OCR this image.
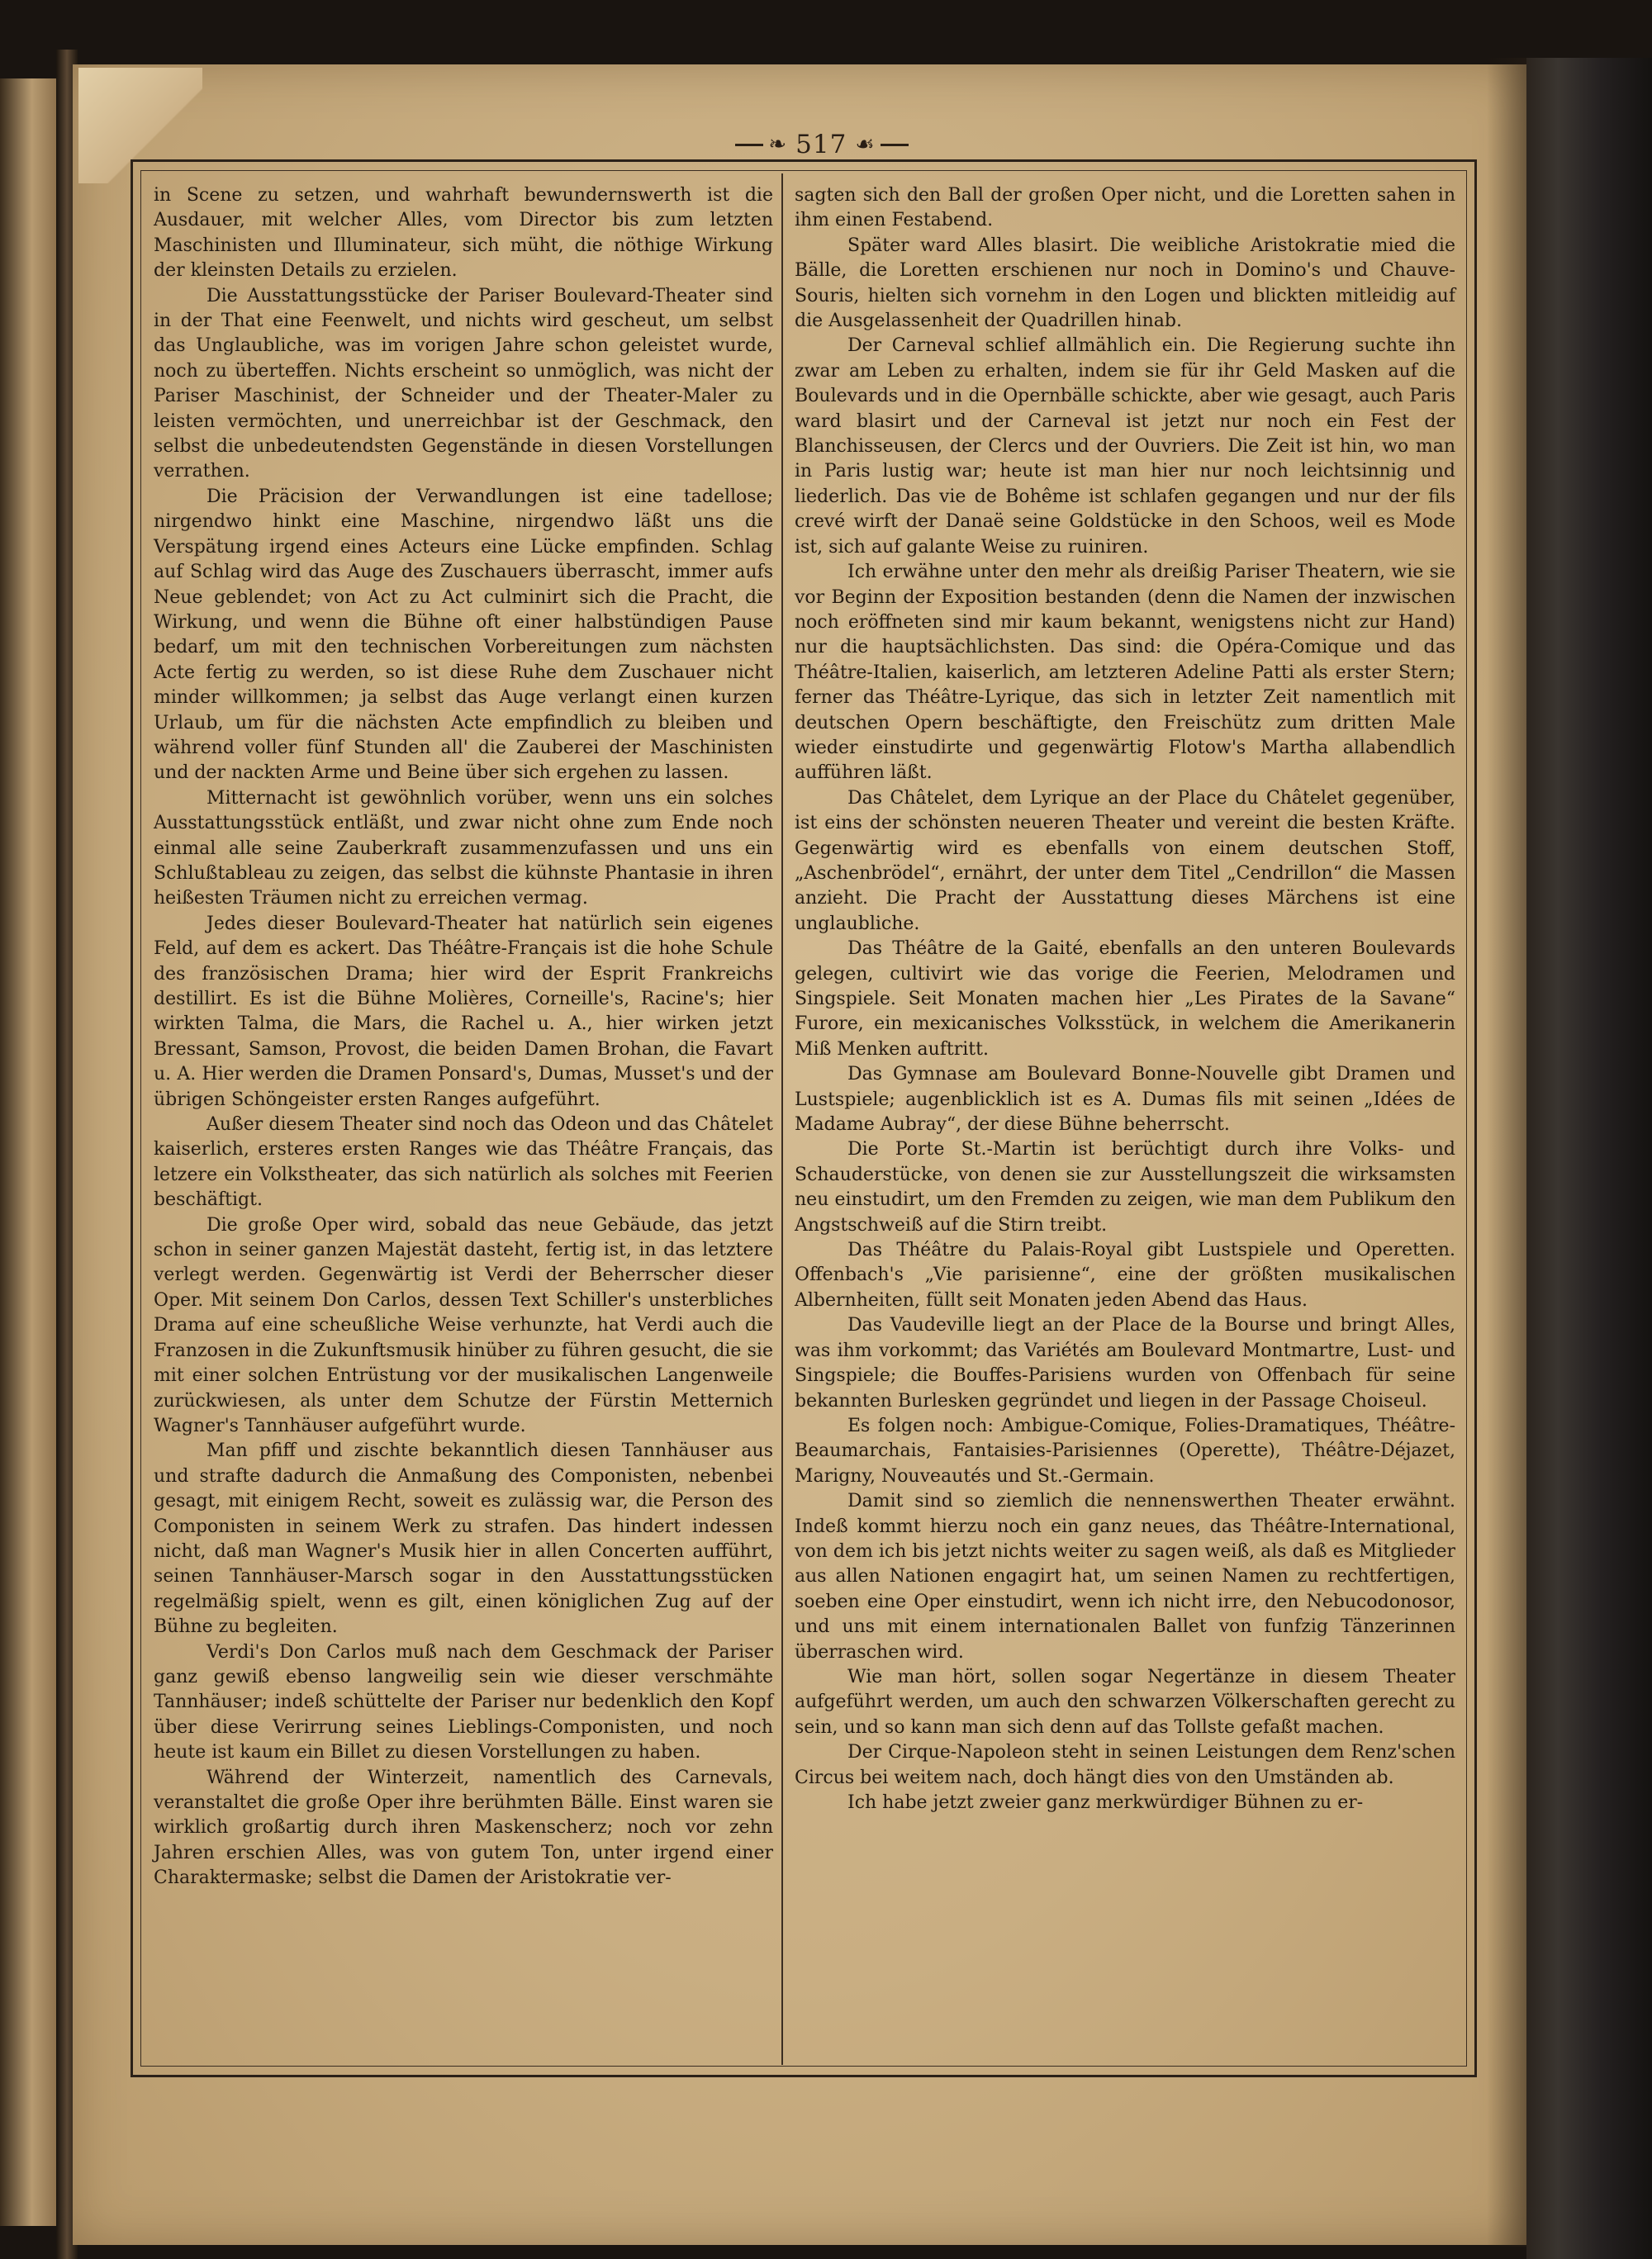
❧ 517 ☙

in Scene zu setzen, und wahrhaft bewundernswerth ist die Ausdauer, mit welcher Alles, vom Director bis zum letzten Maschinisten und Illuminateur, sich müht, die nöthige Wirkung der kleinsten Details zu erzielen.

Die Ausstattungsstücke der Pariser Boulevard-Theater sind in der That eine Feenwelt, und nichts wird gescheut, um selbst das Unglaubliche, was im vorigen Jahre schon geleistet wurde, noch zu überteffen. Nichts erscheint so unmöglich, was nicht der Pariser Maschinist, der Schneider und der Theater-Maler zu leisten vermöchten, und unerreichbar ist der Geschmack, den selbst die unbedeutendsten Gegenstände in diesen Vorstellungen verrathen.

Die Präcision der Verwandlungen ist eine tadellose; nirgendwo hinkt eine Maschine, nirgendwo läßt uns die Verspätung irgend eines Acteurs eine Lücke empfinden. Schlag auf Schlag wird das Auge des Zuschauers überrascht, immer aufs Neue geblendet; von Act zu Act culminirt sich die Pracht, die Wirkung, und wenn die Bühne oft einer halbstündigen Pause bedarf, um mit den technischen Vorbereitungen zum nächsten Acte fertig zu werden, so ist diese Ruhe dem Zuschauer nicht minder willkommen; ja selbst das Auge verlangt einen kurzen Urlaub, um für die nächsten Acte empfindlich zu bleiben und während voller fünf Stunden all' die Zauberei der Maschinisten und der nackten Arme und Beine über sich ergehen zu lassen.

Mitternacht ist gewöhnlich vorüber, wenn uns ein solches Ausstattungsstück entläßt, und zwar nicht ohne zum Ende noch einmal alle seine Zauberkraft zusammenzufassen und uns ein Schlußtableau zu zeigen, das selbst die kühnste Phantasie in ihren heißesten Träumen nicht zu erreichen vermag.

Jedes dieser Boulevard-Theater hat natürlich sein eigenes Feld, auf dem es ackert. Das Théâtre-Français ist die hohe Schule des französischen Drama; hier wird der Esprit Frankreichs destillirt. Es ist die Bühne Molières, Corneille's, Racine's; hier wirkten Talma, die Mars, die Rachel u. A., hier wirken jetzt Bressant, Samson, Provost, die beiden Damen Brohan, die Favart u. A. Hier werden die Dramen Ponsard's, Dumas, Musset's und der übrigen Schöngeister ersten Ranges aufgeführt.

Außer diesem Theater sind noch das Odeon und das Châtelet kaiserlich, ersteres ersten Ranges wie das Théâtre Français, das letzere ein Volkstheater, das sich natürlich als solches mit Feerien beschäftigt.

Die große Oper wird, sobald das neue Gebäude, das jetzt schon in seiner ganzen Majestät dasteht, fertig ist, in das letztere verlegt werden. Gegenwärtig ist Verdi der Beherrscher dieser Oper. Mit seinem Don Carlos, dessen Text Schiller's unsterbliches Drama auf eine scheußliche Weise verhunzte, hat Verdi auch die Franzosen in die Zukunftsmusik hinüber zu führen gesucht, die sie mit einer solchen Entrüstung vor der musikalischen Langenweile zurückwiesen, als unter dem Schutze der Fürstin Metternich Wagner's Tannhäuser aufgeführt wurde.

Man pfiff und zischte bekanntlich diesen Tannhäuser aus und strafte dadurch die Anmaßung des Componisten, nebenbei gesagt, mit einigem Recht, soweit es zulässig war, die Person des Componisten in seinem Werk zu strafen. Das hindert indessen nicht, daß man Wagner's Musik hier in allen Concerten aufführt, seinen Tannhäuser-Marsch sogar in den Ausstattungsstücken regelmäßig spielt, wenn es gilt, einen königlichen Zug auf der Bühne zu begleiten.

Verdi's Don Carlos muß nach dem Geschmack der Pariser ganz gewiß ebenso langweilig sein wie dieser verschmähte Tannhäuser; indeß schüttelte der Pariser nur bedenklich den Kopf über diese Verirrung seines Lieblings-Componisten, und noch heute ist kaum ein Billet zu diesen Vorstellungen zu haben.

Während der Winterzeit, namentlich des Carnevals, veranstaltet die große Oper ihre berühmten Bälle. Einst waren sie wirklich großartig durch ihren Maskenscherz; noch vor zehn Jahren erschien Alles, was von gutem Ton, unter irgend einer Charaktermaske; selbst die Damen der Aristokratie ver-

sagten sich den Ball der großen Oper nicht, und die Loretten sahen in ihm einen Festabend.

Später ward Alles blasirt. Die weibliche Aristokratie mied die Bälle, die Loretten erschienen nur noch in Domino's und Chauve-Souris, hielten sich vornehm in den Logen und blickten mitleidig auf die Ausgelassenheit der Quadrillen hinab.

Der Carneval schlief allmählich ein. Die Regierung suchte ihn zwar am Leben zu erhalten, indem sie für ihr Geld Masken auf die Boulevards und in die Opernbälle schickte, aber wie gesagt, auch Paris ward blasirt und der Carneval ist jetzt nur noch ein Fest der Blanchisseusen, der Clercs und der Ouvriers. Die Zeit ist hin, wo man in Paris lustig war; heute ist man hier nur noch leichtsinnig und liederlich. Das vie de Bohême ist schlafen gegangen und nur der fils crevé wirft der Danaë seine Goldstücke in den Schoos, weil es Mode ist, sich auf galante Weise zu ruiniren.

Ich erwähne unter den mehr als dreißig Pariser Theatern, wie sie vor Beginn der Exposition bestanden (denn die Namen der inzwischen noch eröffneten sind mir kaum bekannt, wenigstens nicht zur Hand) nur die hauptsächlichsten. Das sind: die Opéra-Comique und das Théâtre-Italien, kaiserlich, am letzteren Adeline Patti als erster Stern; ferner das Théâtre-Lyrique, das sich in letzter Zeit namentlich mit deutschen Opern beschäftigte, den Freischütz zum dritten Male wieder einstudirte und gegenwärtig Flotow's Martha allabendlich aufführen läßt.

Das Châtelet, dem Lyrique an der Place du Châtelet gegenüber, ist eins der schönsten neueren Theater und vereint die besten Kräfte. Gegenwärtig wird es ebenfalls von einem deutschen Stoff, „Aschenbrödel“, ernährt, der unter dem Titel „Cendrillon“ die Massen anzieht. Die Pracht der Ausstattung dieses Märchens ist eine unglaubliche.

Das Théâtre de la Gaité, ebenfalls an den unteren Boulevards gelegen, cultivirt wie das vorige die Feerien, Melodramen und Singspiele. Seit Monaten machen hier „Les Pirates de la Savane“ Furore, ein mexicanisches Volksstück, in welchem die Amerikanerin Miß Menken auftritt.

Das Gymnase am Boulevard Bonne-Nouvelle gibt Dramen und Lustspiele; augenblicklich ist es A. Dumas fils mit seinen „Idées de Madame Aubray“, der diese Bühne beherrscht.

Die Porte St.-Martin ist berüchtigt durch ihre Volks- und Schauderstücke, von denen sie zur Ausstellungszeit die wirksamsten neu einstudirt, um den Fremden zu zeigen, wie man dem Publikum den Angstschweiß auf die Stirn treibt.

Das Théâtre du Palais-Royal gibt Lustspiele und Operetten. Offenbach's „Vie parisienne“, eine der größten musikalischen Albernheiten, füllt seit Monaten jeden Abend das Haus.

Das Vaudeville liegt an der Place de la Bourse und bringt Alles, was ihm vorkommt; das Variétés am Boulevard Montmartre, Lust- und Singspiele; die Bouffes-Parisiens wurden von Offenbach für seine bekannten Burlesken gegründet und liegen in der Passage Choiseul.

Es folgen noch: Ambigue-Comique, Folies-Dramatiques, Théâtre-Beaumarchais, Fantaisies-Parisiennes (Operette), Théâtre-Déjazet, Marigny, Nouveautés und St.-Germain.

Damit sind so ziemlich die nennenswerthen Theater erwähnt. Indeß kommt hierzu noch ein ganz neues, das Théâtre-International, von dem ich bis jetzt nichts weiter zu sagen weiß, als daß es Mitglieder aus allen Nationen engagirt hat, um seinen Namen zu rechtfertigen, soeben eine Oper einstudirt, wenn ich nicht irre, den Nebucodonosor, und uns mit einem internationalen Ballet von funfzig Tänzerinnen überraschen wird.

Wie man hört, sollen sogar Negertänze in diesem Theater aufgeführt werden, um auch den schwarzen Völkerschaften gerecht zu sein, und so kann man sich denn auf das Tollste gefaßt machen.

Der Cirque-Napoleon steht in seinen Leistungen dem Renz'schen Circus bei weitem nach, doch hängt dies von den Umständen ab.

Ich habe jetzt zweier ganz merkwürdiger Bühnen zu er-
